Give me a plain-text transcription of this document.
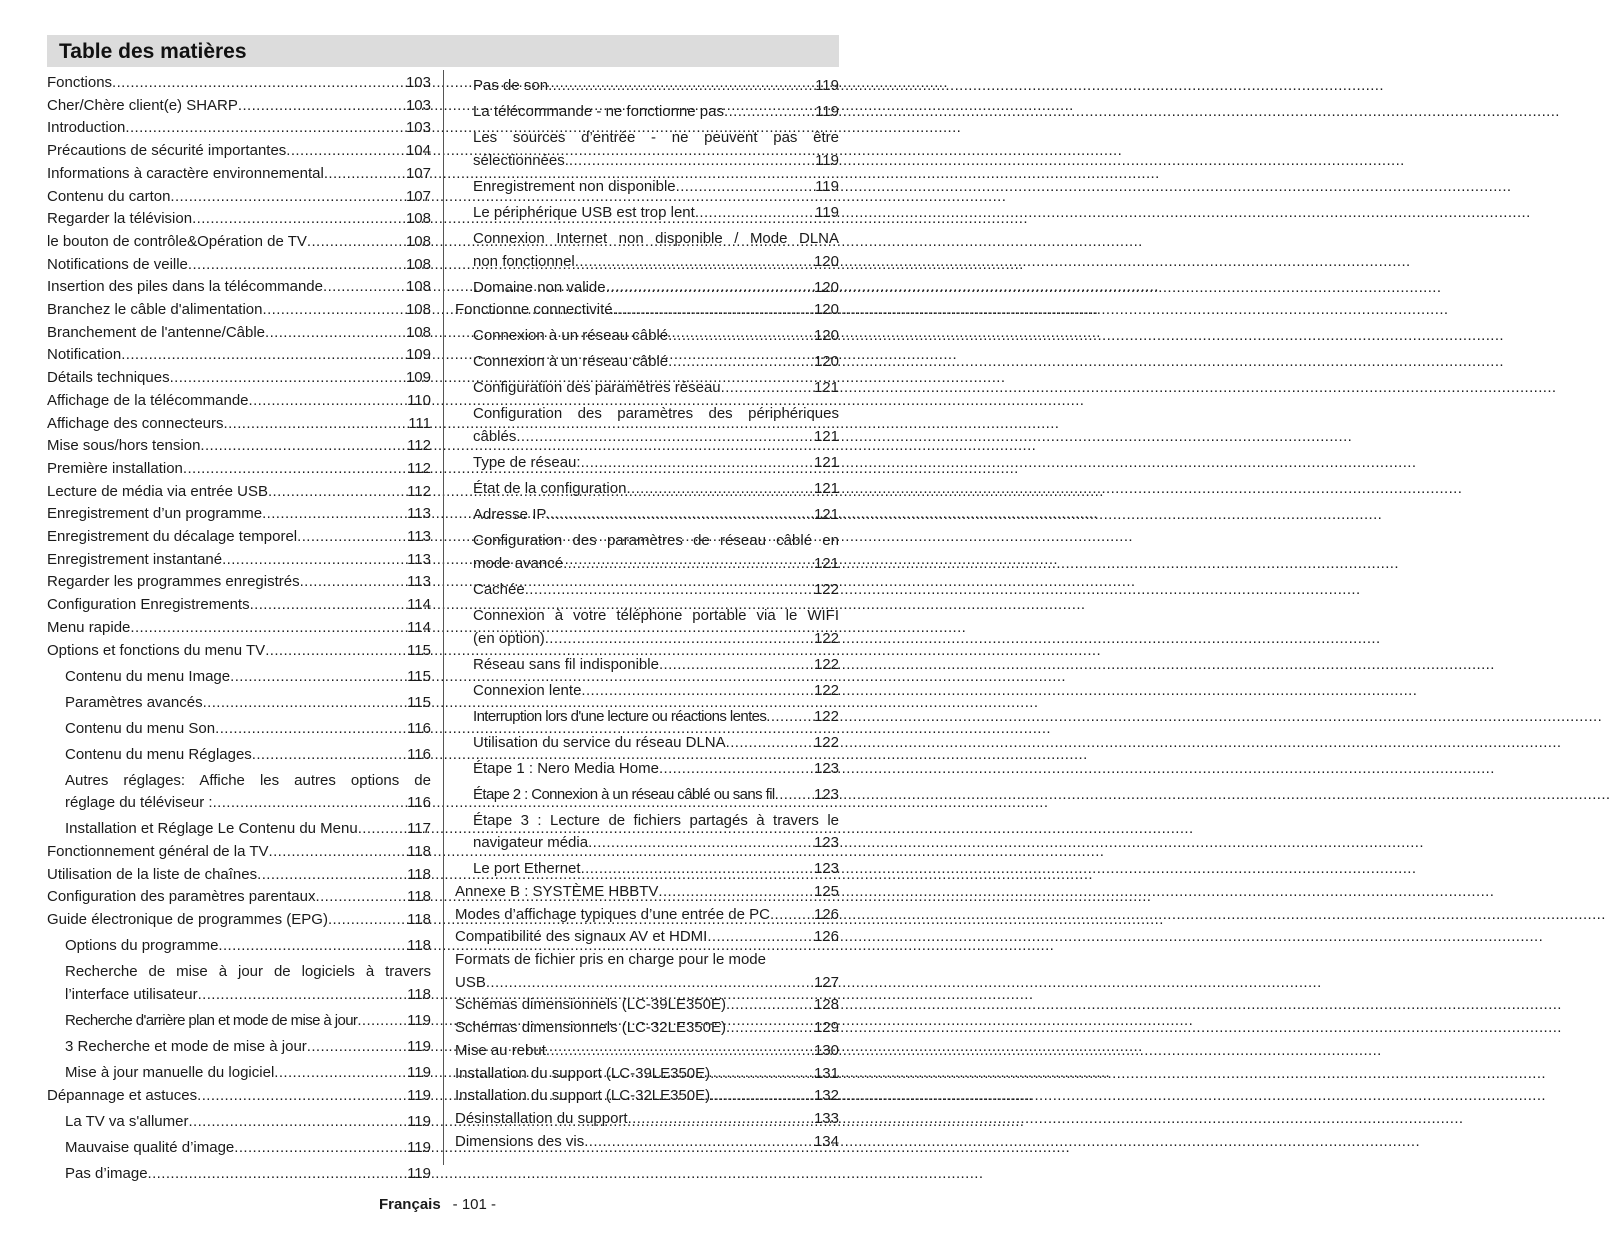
Table des matières
Fonctions .....	103
Cher/Chère client(e) SHARP .....	103
Introduction .....	103
Précautions de sécurité importantes .....	104
Informations à caractère environnemental .....	107
Contenu du carton .....	107
Regarder la télévision .....	108
le bouton de contrôle&Opération de TV .....	108
Notifications de veille .....	108
Insertion des piles dans la télécommande .....	108
Branchez le câble d'alimentation .....	108
Branchement de l'antenne/Câble .....	108
Notification .....	109
Détails techniques .....	109
Affichage de la télécommande .....	110
Affichage des connecteurs .....	111
Mise sous/hors tension .....	112
Première installation .....	112
Lecture de média via entrée USB .....	112
Enregistrement d’un programme .....	113
Enregistrement du décalage temporel .....	113
Enregistrement instantané .....	113
Regarder les programmes enregistrés .....	113
Configuration Enregistrements .....	114
Menu rapide .....	114
Options et fonctions du menu TV .....	115
Contenu du menu Image .....	115
Paramètres avancés .....	115
Contenu du menu Son .....	116
Contenu du menu Réglages .....	116
Autres réglages: Affiche les autres options de
réglage du téléviseur : .....	116
Installation et Réglage Le Contenu du Menu .....	117
Fonctionnement général de la TV .....	118
Utilisation de la liste de chaînes .....	118
Configuration des paramètres parentaux .....	118
Guide électronique de programmes (EPG) .....	118
Options du programme .....	118
Recherche de mise à jour de logiciels à travers
l’interface utilisateur .....	118
Recherche d'arrière plan et mode de mise à jour .....	119
3 Recherche et mode de mise à jour .....	119
Mise à jour manuelle du logiciel .....	119
Dépannage et astuces .....	119
La TV va s'allumer .....	119
Mauvaise qualité d’image .....	119
Pas d’image .....	119
Pas de son .....	119
La télécommande - ne fonctionne pas .....	119
Les sources d’entrée - ne peuvent pas être
sélectionnées. .....	119
Enregistrement non disponible .....	119
Le périphérique USB est trop lent .....	119
Connexion Internet non disponible / Mode DLNA
non fonctionnel .....	120
Domaine non valide .....	120
Fonctionne connectivité .....	120
Connexion à un réseau câblé .....	120
Connexion à un réseau câblé .....	120
Configuration des paramètres réseau .....	121
Configuration des paramètres des périphériques
câblés .....	121
Type de réseau: .....	121
État de la configuration .....	121
Adresse IP .....	121
Configuration des paramètres de réseau câblé en
mode avancé .....	121
Cachée .....	122
Connexion à votre téléphone portable via le WIFI
(en option) .....	122
Réseau sans fil indisponible .....	122
Connexion lente .....	122
Interruption lors d'une lecture ou réactions lentes .....	122
Utilisation du service du réseau DLNA .....	122
Étape 1 : Nero Media Home .....	123
Étape 2 : Connexion à un réseau câblé ou sans fil .....	123
Étape 3 : Lecture de fichiers partagés à travers le
navigateur média .....	123
Le port Ethernet .....	123
Annexe B : SYSTÈME HBBTV .....	125
Modes d’affichage typiques d’une entrée de PC .....	126
Compatibilité des signaux AV et HDMI .....	126
Formats de fichier pris en charge pour le mode
USB .....	127
Schémas dimensionnels (LC-39LE350E) .....	128
Schémas dimensionnels (LC-32LE350E) .....	129
Mise au rebut .....	130
Installation du support (LC-39LE350E) .....	131
Installation du support (LC-32LE350E) .....	132
Désinstallation du support .....	133
Dimensions des vis .....	134
Français - 101 -
